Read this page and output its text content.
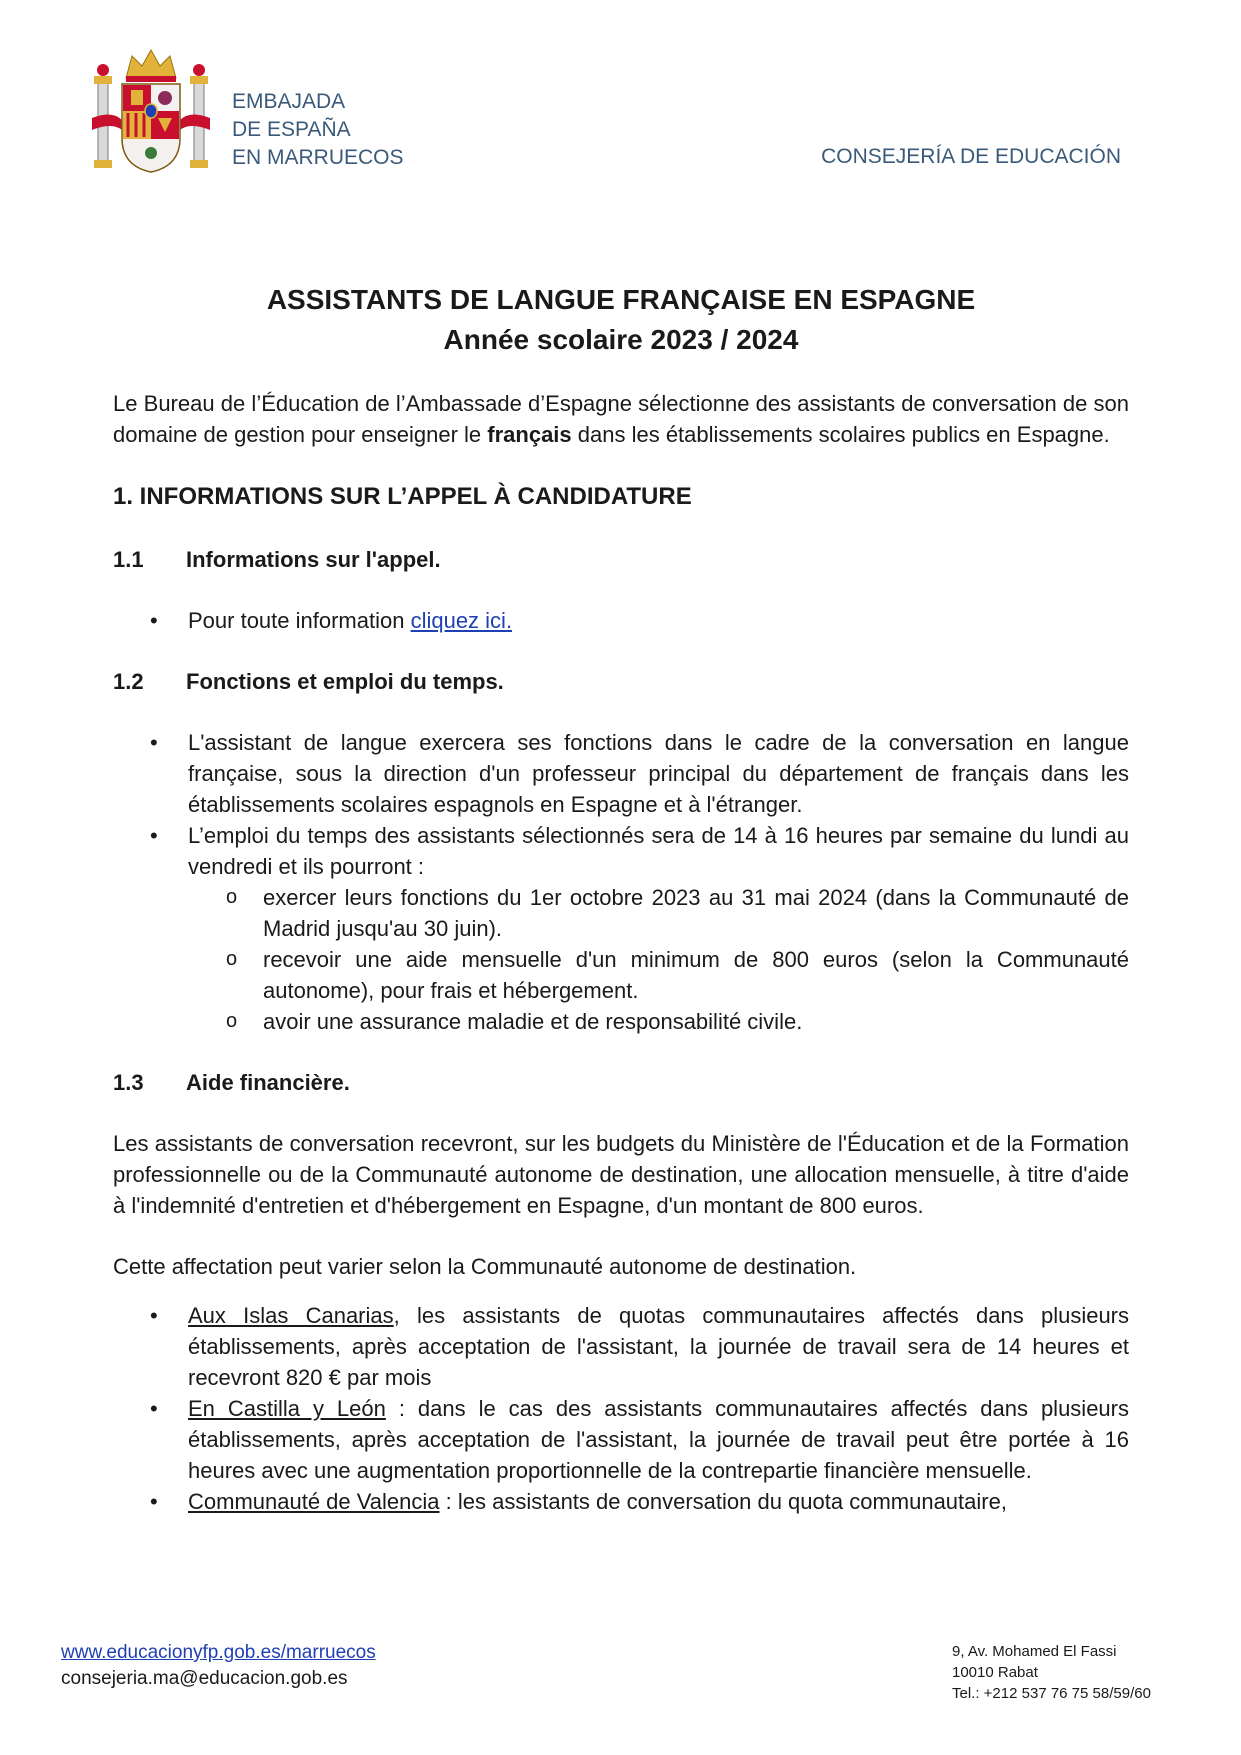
EMBAJADA
DE ESPAÑA
EN MARRUECOS	CONSEJERÍA DE EDUCACIÓN
ASSISTANTS DE LANGUE FRANÇAISE EN ESPAGNE
Année scolaire 2023 / 2024

Le Bureau de l’Éducation de l’Ambassade d’Espagne sélectionne des assistants de conversation de son domaine de gestion pour enseigner le français dans les établissements scolaires publics en Espagne.

1. INFORMATIONS SUR L’APPEL À CANDIDATURE
1.1	Informations sur l'appel.
• Pour toute information cliquez ici.
1.2	Fonctions et emploi du temps.
• L'assistant de langue exercera ses fonctions dans le cadre de la conversation en langue française, sous la direction d'un professeur principal du département de français dans les établissements scolaires espagnols en Espagne et à l'étranger.
• L’emploi du temps des assistants sélectionnés sera de 14 à 16 heures par semaine du lundi au vendredi et ils pourront :
o exercer leurs fonctions du 1er octobre 2023 au 31 mai 2024 (dans la Communauté de Madrid jusqu'au 30 juin).
o recevoir une aide mensuelle d'un minimum de 800 euros (selon la Communauté autonome), pour frais et hébergement.
o avoir une assurance maladie et de responsabilité civile.
1.3	Aide financière.

Les assistants de conversation recevront, sur les budgets du Ministère de l'Éducation et de la Formation professionnelle ou de la Communauté autonome de destination, une allocation mensuelle, à titre d'aide à l'indemnité d'entretien et d'hébergement en Espagne, d'un montant de 800 euros.

Cette affectation peut varier selon la Communauté autonome de destination.

• Aux Islas Canarias, les assistants de quotas communautaires affectés dans plusieurs établissements, après acceptation de l'assistant, la journée de travail sera de 14 heures et recevront 820 € par mois
• En Castilla y León : dans le cas des assistants communautaires affectés dans plusieurs établissements, après acceptation de l'assistant, la journée de travail peut être portée à 16 heures avec une augmentation proportionnelle de la contrepartie financière mensuelle.
• Communauté de Valencia : les assistants de conversation du quota communautaire,
www.educacionyfp.gob.es/marruecos
consejeria.ma@educacion.gob.es
9, Av. Mohamed El Fassi
10010 Rabat
Tel.: +212 537 76 75 58/59/60
